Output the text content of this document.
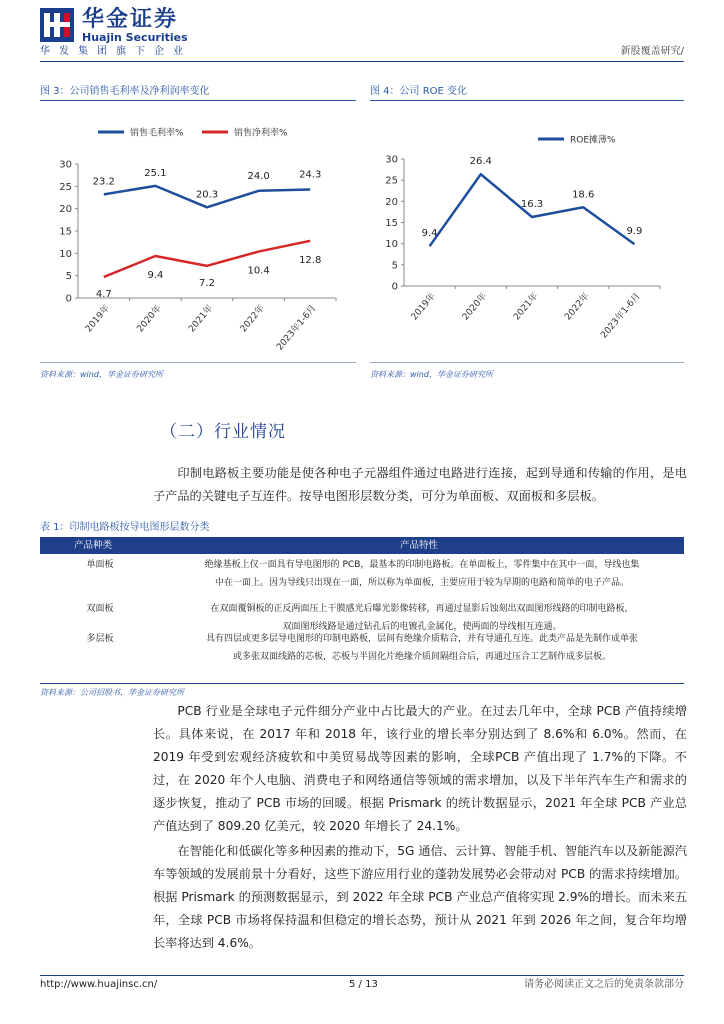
华金证券
Huajin Securities
华发集团旗下企业	新股覆盖研究/
图 3：公司销售毛利率及净利润率变化	图 4：公司 ROE 变化
0
5
10
15
20
25
30
2019年	2020年	2021年	2022年 2023年1-6月
销售毛利率%	销售净利率%
23.2
25.1
20.3
24.0	24.3
4.7
9.4
7.2
10.4
12.8
0
5
10
15
20
25
30
2019年	2020年	2021年	2022年 2023年1-6月
ROE摊薄%
9.4
26.4
16.3
18.6
9.9
资料来源：wind，华金证券研究所	资料来源：wind，华金证券研究所
（二）行业情况

印制电路板主要功能是使各种电子元器组件通过电路进行连接，起到导通和传输的作用，是电子产品的关键电子互连件。按导电图形层数分类，可分为单面板、双面板和多层板。

表 1：印制电路板按导电图形层数分类
产品种类	产品特性
单面板	绝缘基板上仅一面具有导电图形的 PCB，最基本的印制电路板。在单面板上，零件集中在其中一面，导线也集
中在一面上。因为导线只出现在一面，所以称为单面板，主要应用于较为早期的电路和简单的电子产品。
双面板	在双面覆铜板的正反两面压上干膜感光后曝光影像转移，再通过显影后蚀刻出双面图形线路的印制电路板，
双面图形线路是通过钻孔后的电镀孔金属化，使两面的导线相互连通。
多层板	具有四层或更多层导电图形的印制电路板，层间有绝缘介质粘合，并有导通孔互连。此类产品是先制作成单张
或多张双面线路的芯板，芯板与半固化片绝缘介质间隔组合后，再通过压合工艺制作成多层板。
资料来源：公司招股书，华金证券研究所

PCB 行业是全球电子元件细分产业中占比最大的产业。在过去几年中，全球 PCB 产值持续增长。具体来说，在 2017 年和 2018 年，该行业的增长率分别达到了 8.6%和 6.0%。然而，在 2019 年受到宏观经济疲软和中美贸易战等因素的影响，全球PCB 产值出现了 1.7%的下降。不过，在 2020 年个人电脑、消费电子和网络通信等领域的需求增加，以及下半年汽车生产和需求的逐步恢复，推动了 PCB 市场的回暖。根据 Prismark 的统计数据显示，2021 年全球 PCB 产业总产值达到了 809.20 亿美元，较 2020 年增长了 24.1%。

在智能化和低碳化等多种因素的推动下，5G 通信、云计算、智能手机、智能汽车以及新能源汽车等领域的发展前景十分看好，这些下游应用行业的蓬勃发展势必会带动对 PCB 的需求持续增加。根据 Prismark 的预测数据显示，到 2022 年全球 PCB 产业总产值将实现 2.9%的增长。而未来五年，全球 PCB 市场将保持温和但稳定的增长态势，预计从 2021 年到 2026 年之间，复合年均增长率将达到 4.6%。

http://www.huajinsc.cn/	5 / 13	请务必阅读正文之后的免责条款部分
